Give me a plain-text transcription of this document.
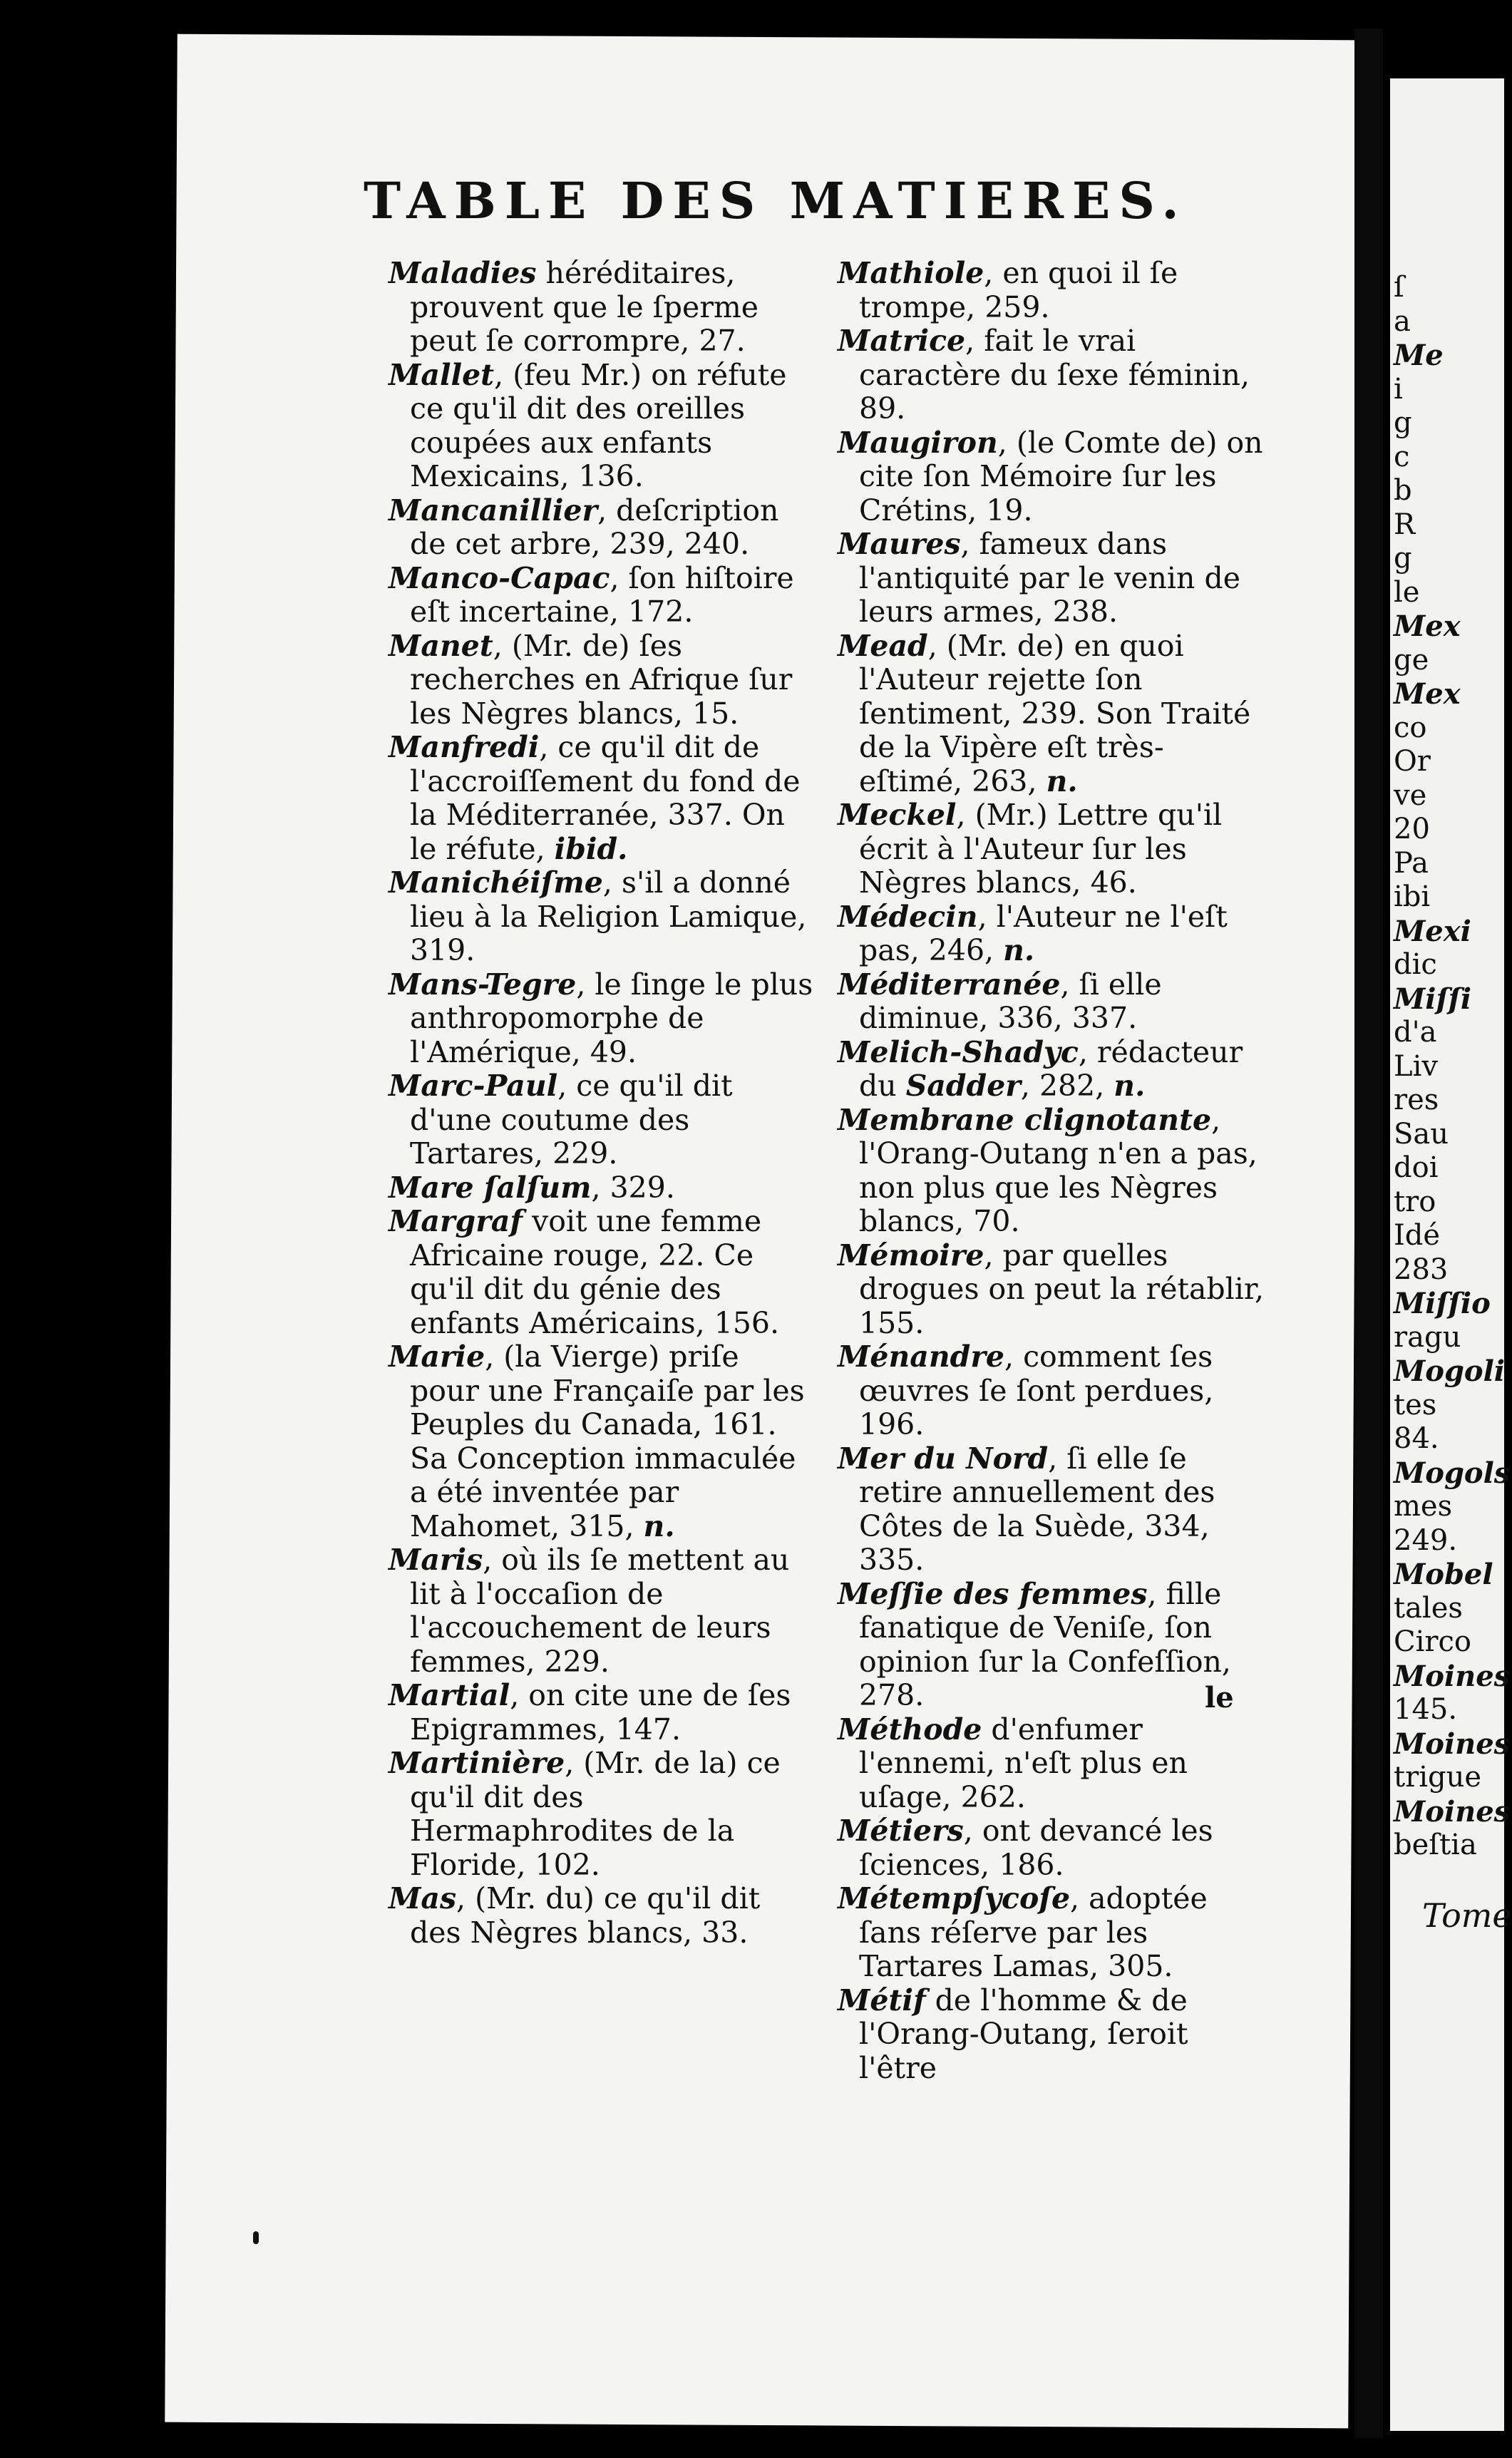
TABLE DES MATIERES.

Maladies héréditaires, prouvent que le ſperme peut ſe corrompre, 27.

Mallet, (feu Mr.) on réfute ce qu'il dit des oreilles coupées aux enfants Mexicains, 136.

Mancanillier, deſcription de cet arbre, 239, 240.

Manco-Capac, ſon hiſtoire eſt incertaine, 172.

Manet, (Mr. de) ſes recherches en Afrique ſur les Nègres blancs, 15.

Manfredi, ce qu'il dit de l'accroiſſement du fond de la Méditerranée, 337. On le réfute, ibid.

Manichéiſme, s'il a donné lieu à la Religion Lamique, 319.

Mans-Tegre, le ſinge le plus anthropomorphe de l'Amérique, 49.

Marc-Paul, ce qu'il dit d'une coutume des Tartares, 229.

Mare ſalſum, 329.

Margraf voit une femme Africaine rouge, 22. Ce qu'il dit du génie des enfants Américains, 156.

Marie, (la Vierge) priſe pour une Françaiſe par les Peuples du Canada, 161. Sa Conception immaculée a été inventée par Mahomet, 315, n.

Maris, où ils ſe mettent au lit à l'occaſion de l'accouchement de leurs femmes, 229.

Martial, on cite une de ſes Epigrammes, 147.

Martinière, (Mr. de la) ce qu'il dit des Hermaphrodites de la Floride, 102.

Mas, (Mr. du) ce qu'il dit des Nègres blancs, 33.

Mathiole, en quoi il ſe trompe, 259.

Matrice, fait le vrai caractère du ſexe féminin, 89.

Maugiron, (le Comte de) on cite ſon Mémoire ſur les Crétins, 19.

Maures, fameux dans l'antiquité par le venin de leurs armes, 238.

Mead, (Mr. de) en quoi l'Auteur rejette ſon ſentiment, 239. Son Traité de la Vipère eſt très-eſtimé, 263, n.

Meckel, (Mr.) Lettre qu'il écrit à l'Auteur ſur les Nègres blancs, 46.

Médecin, l'Auteur ne l'eſt pas, 246, n.

Méditerranée, ſi elle diminue, 336, 337.

Melich-Shadyc, rédacteur du Sadder, 282, n.

Membrane clignotante, l'Orang-Outang n'en a pas, non plus que les Nègres blancs, 70.

Mémoire, par quelles drogues on peut la rétablir, 155.

Ménandre, comment ſes œuvres ſe ſont perdues, 196.

Mer du Nord, ſi elle ſe retire annuellement des Côtes de la Suède, 334, 335.

Meſſie des femmes, fille fanatique de Veniſe, ſon opinion ſur la Confeſſion, 278.

Méthode d'enfumer l'ennemi, n'eſt plus en uſage, 262.

Métiers, ont devancé les ſciences, 186.

Métempſycoſe, adoptée ſans réſerve par les Tartares Lamas, 305.

Métif de l'homme & de l'Orang-Outang, ſeroit l'être

le
ſ
a
Me
i
g
c
b
R
g
le
Mex
ge
Mex
co
Or
ve
20
Pa
ibi
Mexi
dic
Miſſi
d'a
Liv
res
Sau
doi
tro
Idé
283
Miſſio
ragu
Mogoli
tes
84.
Mogols
mes
249.
Mobel
tales
Circo
Moines
145.
Moines
trigue
Moines
beſtia
Tome
